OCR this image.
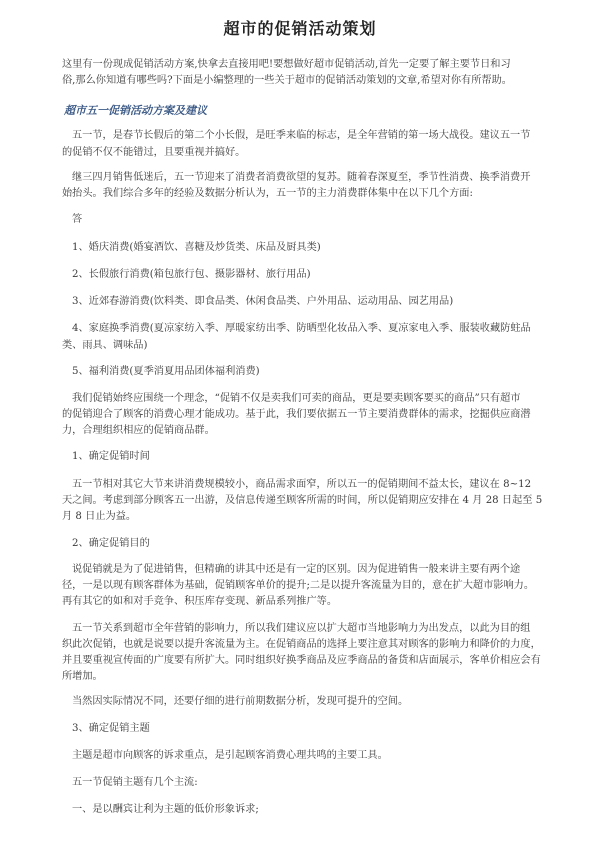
超市的促销活动策划
这里有一份现成促销活动方案,快拿去直接用吧!要想做好超市促销活动,首先一定要了解主要节日和习
俗,那么你知道有哪些吗?下面是小编整理的一些关于超市的促销活动策划的文章,希望对你有所帮助。
超市五一促销活动方案及建议
五一节，是春节长假后的第二个小长假，是旺季来临的标志，是全年营销的第一场大战役。建议五一节
的促销不仅不能错过，且要重视并搞好。
继三四月销售低迷后，五一节迎来了消费者消费欲望的复苏。随着春深夏至，季节性消费、换季消费开
始抬头。我们综合多年的经验及数据分析认为，五一节的主力消费群体集中在以下几个方面:
答
1、婚庆消费(婚宴酒饮、喜糖及炒货类、床品及厨具类)
2、长假旅行消费(箱包旅行包、摄影器材、旅行用品)
3、近郊春游消费(饮料类、即食品类、休闲食品类、户外用品、运动用品、园艺用品)
4、家庭换季消费(夏凉家纺入季、厚暖家纺出季、防晒型化妆品入季、夏凉家电入季、服装收藏防蛀品
类、雨具、调味品)
5、福利消费(夏季消夏用品团体福利消费)
我们促销始终应围绕一个理念，“促销不仅是卖我们可卖的商品，更是要卖顾客要买的商品”只有超市
的促销迎合了顾客的消费心理才能成功。基于此，我们要依据五一节主要消费群体的需求，挖掘供应商潜
力，合理组织相应的促销商品群。
1、确定促销时间
五一节相对其它大节来讲消费规模较小，商品需求面窄，所以五一的促销期间不益太长，建议在 8~12
天之间。考虑到部分顾客五一出游，及信息传递至顾客所需的时间，所以促销期应安排在 4 月 28 日起至 5
月 8 日止为益。
2、确定促销目的
说促销就是为了促进销售，但精确的讲其中还是有一定的区别。因为促进销售一般来讲主要有两个途
径，一是以现有顾客群体为基础，促销顾客单价的提升;二是以提升客流量为目的，意在扩大超市影响力。
再有其它的如和对手竞争、积压库存变现、新品系列推广等。
五一节关系到超市全年营销的影响力，所以我们建议应以扩大超市当地影响力为出发点，以此为目的组
织此次促销，也就是说要以提升客流量为主。在促销商品的选择上要注意其对顾客的影响力和降价的力度，
并且要重视宣传面的广度要有所扩大。同时组织好换季商品及应季商品的备货和店面展示，客单价相应会有
所增加。
当然因实际情况不同，还要仔细的进行前期数据分析，发现可提升的空间。
3、确定促销主题
主题是超市向顾客的诉求重点，是引起顾客消费心理共鸣的主要工具。
五一节促销主题有几个主流:
一、是以酬宾让利为主题的低价形象诉求;
